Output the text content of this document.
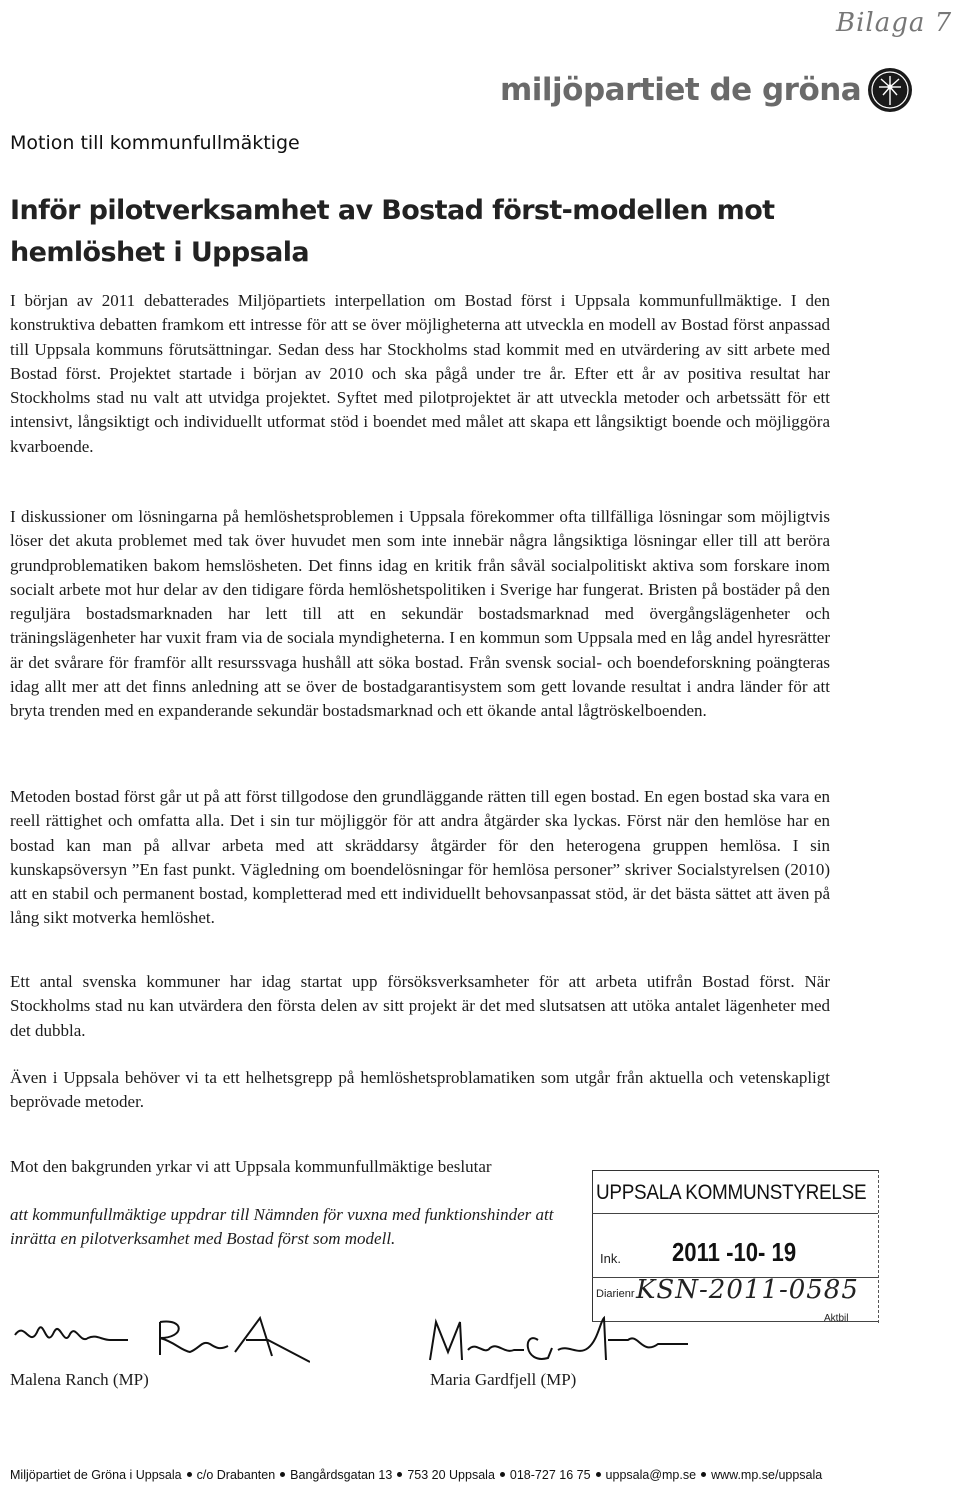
Bilaga 7
miljöpartiet de gröna
Motion till kommunfullmäktige
Inför pilotverksamhet av Bostad först-modellen mot hemlöshet i Uppsala
I början av 2011 debatterades Miljöpartiets interpellation om Bostad först i Uppsala kommunfullmäktige. I den konstruktiva debatten framkom ett intresse för att se över möjligheterna att utveckla en modell av Bostad först anpassad till Uppsala kommuns förutsättningar. Sedan dess har Stockholms stad kommit med en utvärdering av sitt arbete med Bostad först. Projektet startade i början av 2010 och ska pågå under tre år. Efter ett år av positiva resultat har Stockholms stad nu valt att utvidga projektet. Syftet med pilotprojektet är att utveckla metoder och arbetssätt för ett intensivt, långsiktigt och individuellt utformat stöd i boendet med målet att skapa ett långsiktigt boende och möjliggöra kvarboende.
I diskussioner om lösningarna på hemlöshetsproblemen i Uppsala förekommer ofta tillfälliga lösningar som möjligtvis löser det akuta problemet med tak över huvudet men som inte innebär några långsiktiga lösningar eller till att beröra grundproblematiken bakom hemslösheten. Det finns idag en kritik från såväl socialpolitiskt aktiva som forskare inom socialt arbete mot hur delar av den tidigare förda hemlöshetspolitiken i Sverige har fungerat. Bristen på bostäder på den reguljära bostadsmarknaden har lett till att en sekundär bostadsmarknad med övergångslägenheter och träningslägenheter har vuxit fram via de sociala myndigheterna. I en kommun som Uppsala med en låg andel hyresrätter är det svårare för framför allt resurssvaga hushåll att söka bostad. Från svensk social- och boendeforskning poängteras idag allt mer att det finns anledning att se över de bostadgarantisystem som gett lovande resultat i andra länder för att bryta trenden med en expanderande sekundär bostadsmarknad och ett ökande antal lågtröskelboenden.
Metoden bostad först går ut på att först tillgodose den grundläggande rätten till egen bostad. En egen bostad ska vara en reell rättighet och omfatta alla. Det i sin tur möjliggör för att andra åtgärder ska lyckas. Först när den hemlöse har en bostad kan man på allvar arbeta med att skräddarsy åtgärder för den heterogena gruppen hemlösa. I sin kunskapsöversyn ”En fast punkt. Vägledning om boendelösningar för hemlösa personer” skriver Socialstyrelsen (2010) att en stabil och permanent bostad, kompletterad med ett individuellt behovsanpassat stöd, är det bästa sättet att även på lång sikt motverka hemlöshet.
Ett antal svenska kommuner har idag startat upp försöksverksamheter för att arbeta utifrån Bostad först. När Stockholms stad nu kan utvärdera den första delen av sitt projekt är det med slutsatsen att utöka antalet lägenheter med det dubbla.
Även i Uppsala behöver vi ta ett helhetsgrepp på hemlöshetsproblamatiken som utgår från aktuella och vetenskapligt beprövade metoder.
Mot den bakgrunden yrkar vi att Uppsala kommunfullmäktige beslutar
att kommunfullmäktige uppdrar till Nämnden för vuxna med funktionshinder att inrätta en pilotverksamhet med Bostad först som modell.
UPPSALA KOMMUNSTYRELSE
Ink. 2011 -10- 19
Diarienr KSN-2011-0585
Aktbil
Malena Ranch (MP)	Maria Gardfjell (MP)
Miljöpartiet de Gröna i Uppsala c/o Drabanten Bangårdsgatan 13 753 20 Uppsala 018-727 16 75 uppsala@mp.se www.mp.se/uppsala
